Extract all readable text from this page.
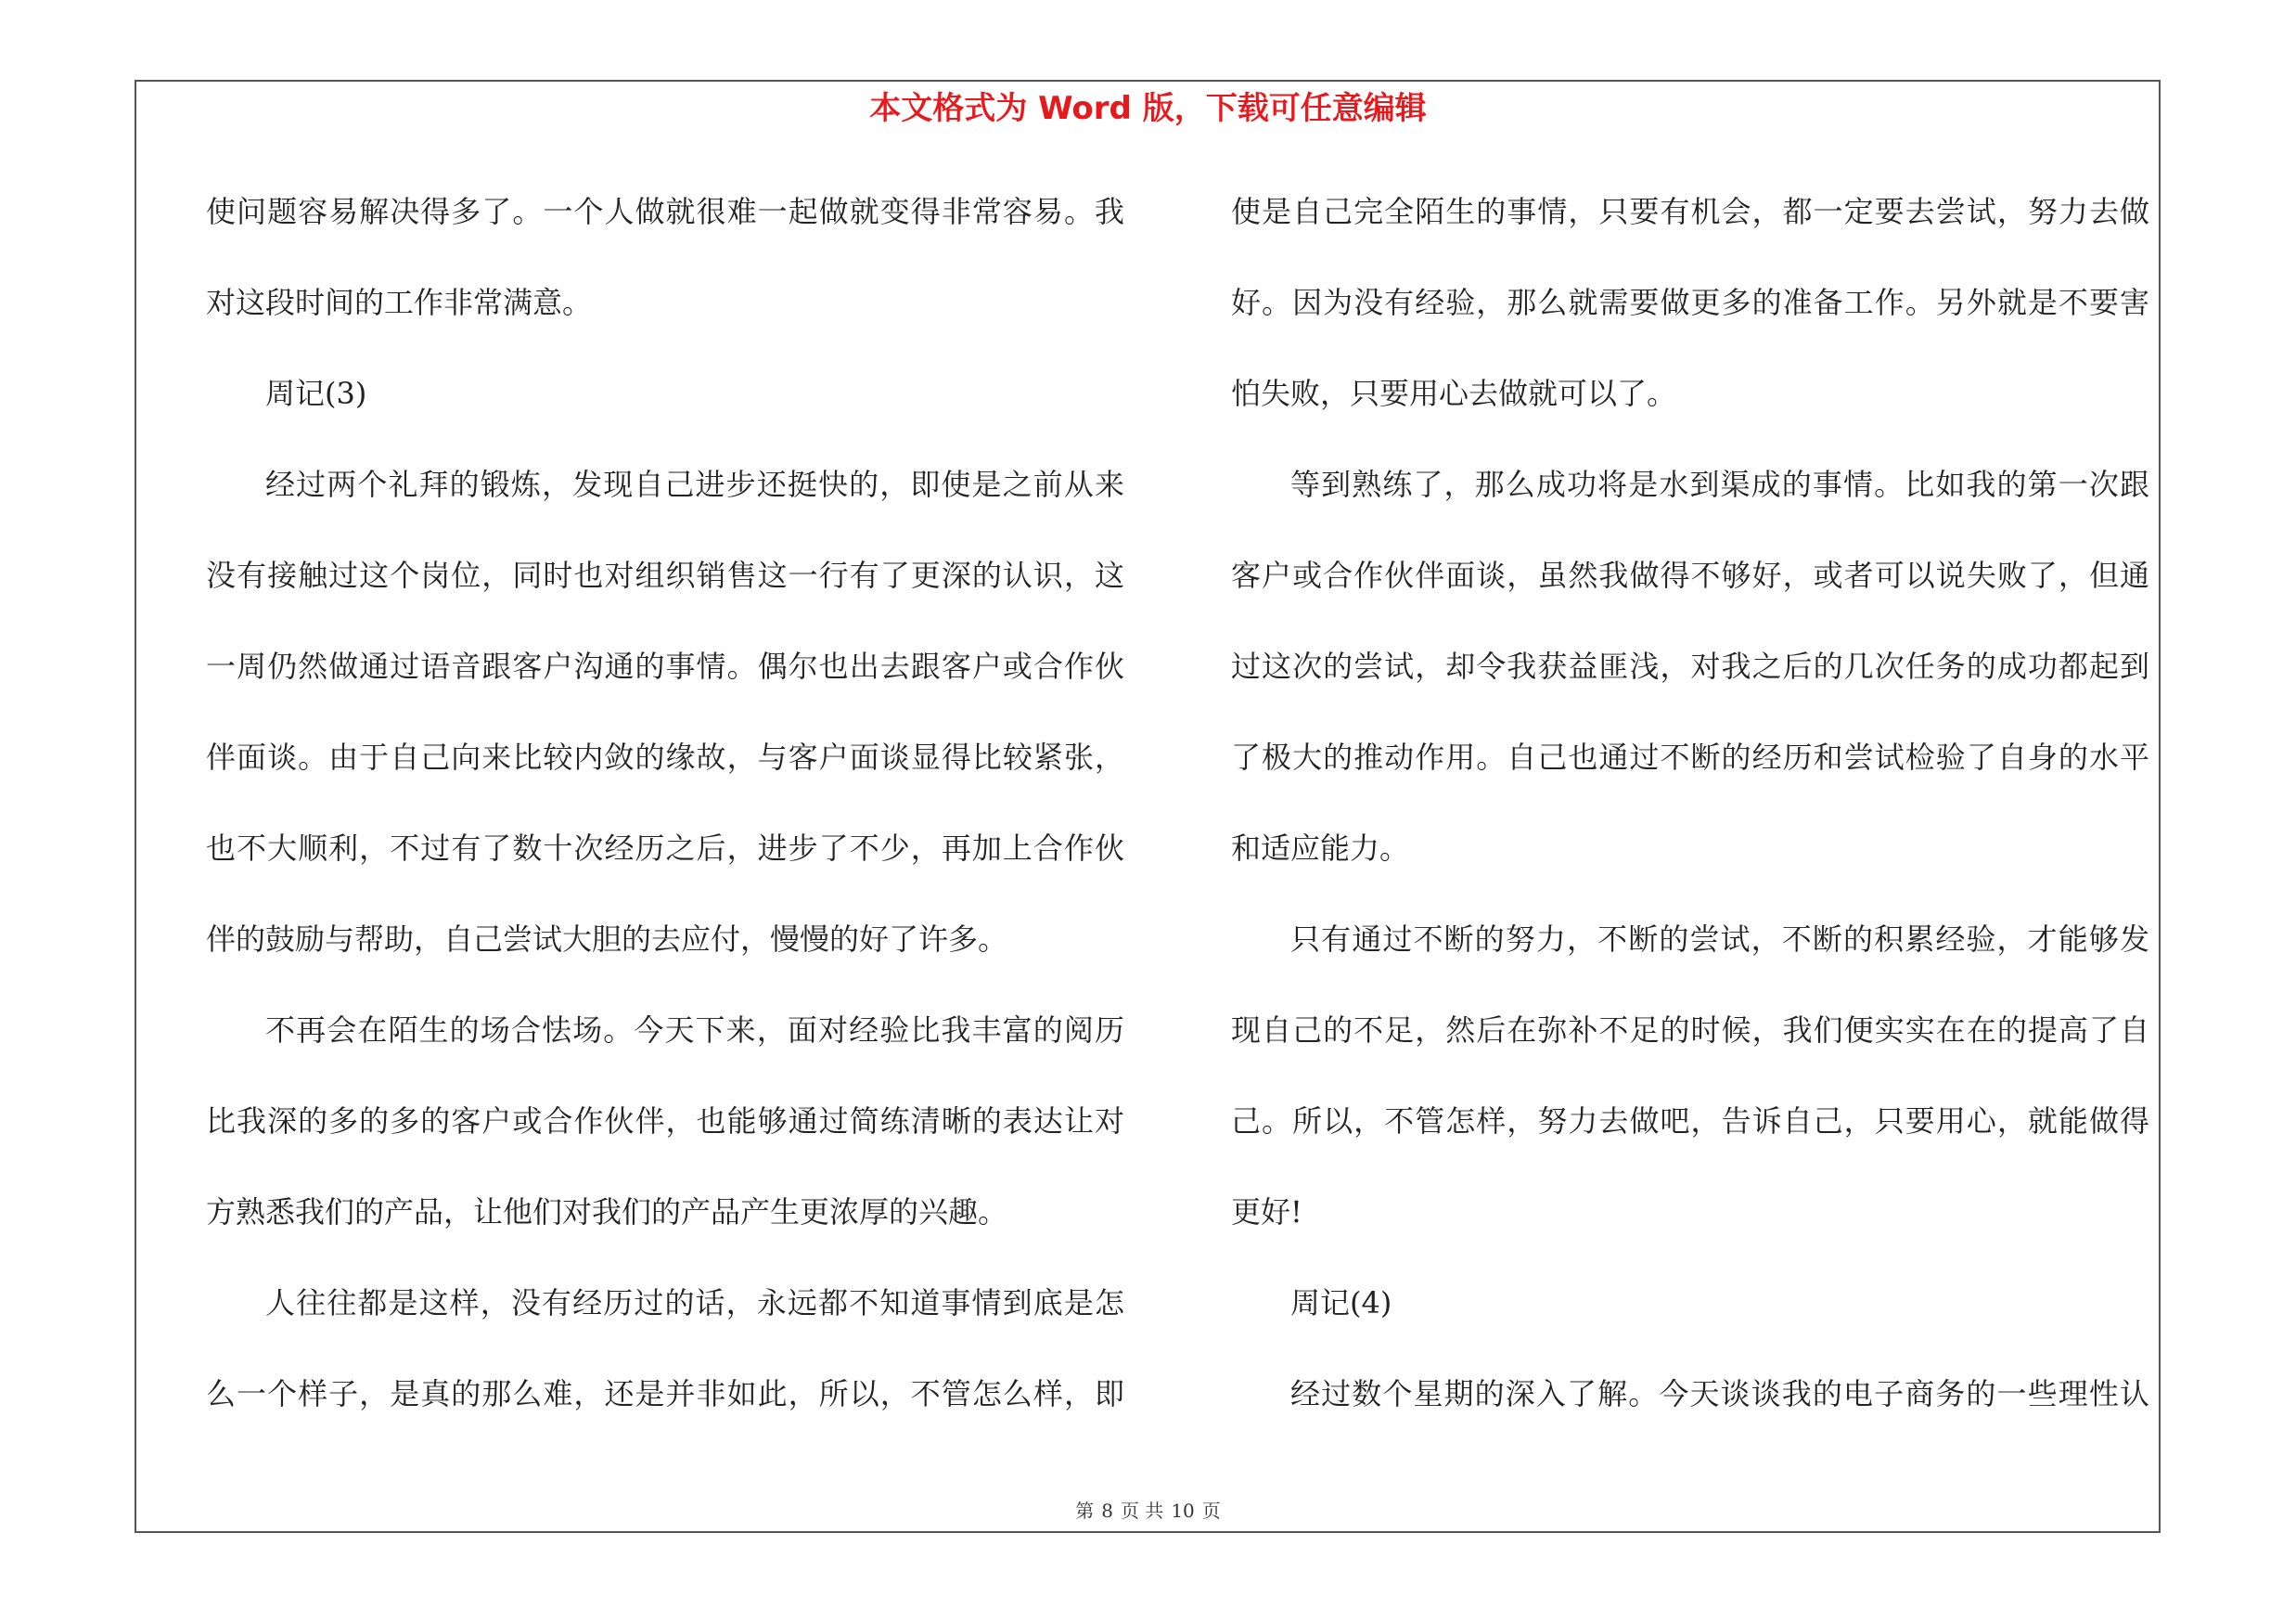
本文格式为 Word 版，下载可任意编辑
使问题容易解决得多了。一个人做就很难一起做就变得非常容易。我
对这段时间的工作非常满意。
周记(3)
经过两个礼拜的锻炼，发现自己进步还挺快的，即使是之前从来
没有接触过这个岗位，同时也对组织销售这一行有了更深的认识，这
一周仍然做通过语音跟客户沟通的事情。偶尔也出去跟客户或合作伙
伴面谈。由于自己向来比较内敛的缘故，与客户面谈显得比较紧张，
也不大顺利，不过有了数十次经历之后，进步了不少，再加上合作伙
伴的鼓励与帮助，自己尝试大胆的去应付，慢慢的好了许多。
不再会在陌生的场合怯场。今天下来，面对经验比我丰富的阅历
比我深的多的多的客户或合作伙伴，也能够通过简练清晰的表达让对
方熟悉我们的产品，让他们对我们的产品产生更浓厚的兴趣。
人往往都是这样，没有经历过的话，永远都不知道事情到底是怎
么一个样子，是真的那么难，还是并非如此，所以，不管怎么样，即
使是自己完全陌生的事情，只要有机会，都一定要去尝试，努力去做
好。因为没有经验，那么就需要做更多的准备工作。另外就是不要害
怕失败，只要用心去做就可以了。
等到熟练了，那么成功将是水到渠成的事情。比如我的第一次跟
客户或合作伙伴面谈，虽然我做得不够好，或者可以说失败了，但通
过这次的尝试，却令我获益匪浅，对我之后的几次任务的成功都起到
了极大的推动作用。自己也通过不断的经历和尝试检验了自身的水平
和适应能力。
只有通过不断的努力，不断的尝试，不断的积累经验，才能够发
现自己的不足，然后在弥补不足的时候，我们便实实在在的提高了自
己。所以，不管怎样，努力去做吧，告诉自己，只要用心，就能做得
更好!
周记(4)
经过数个星期的深入了解。今天谈谈我的电子商务的一些理性认
第 8 页 共 10 页
